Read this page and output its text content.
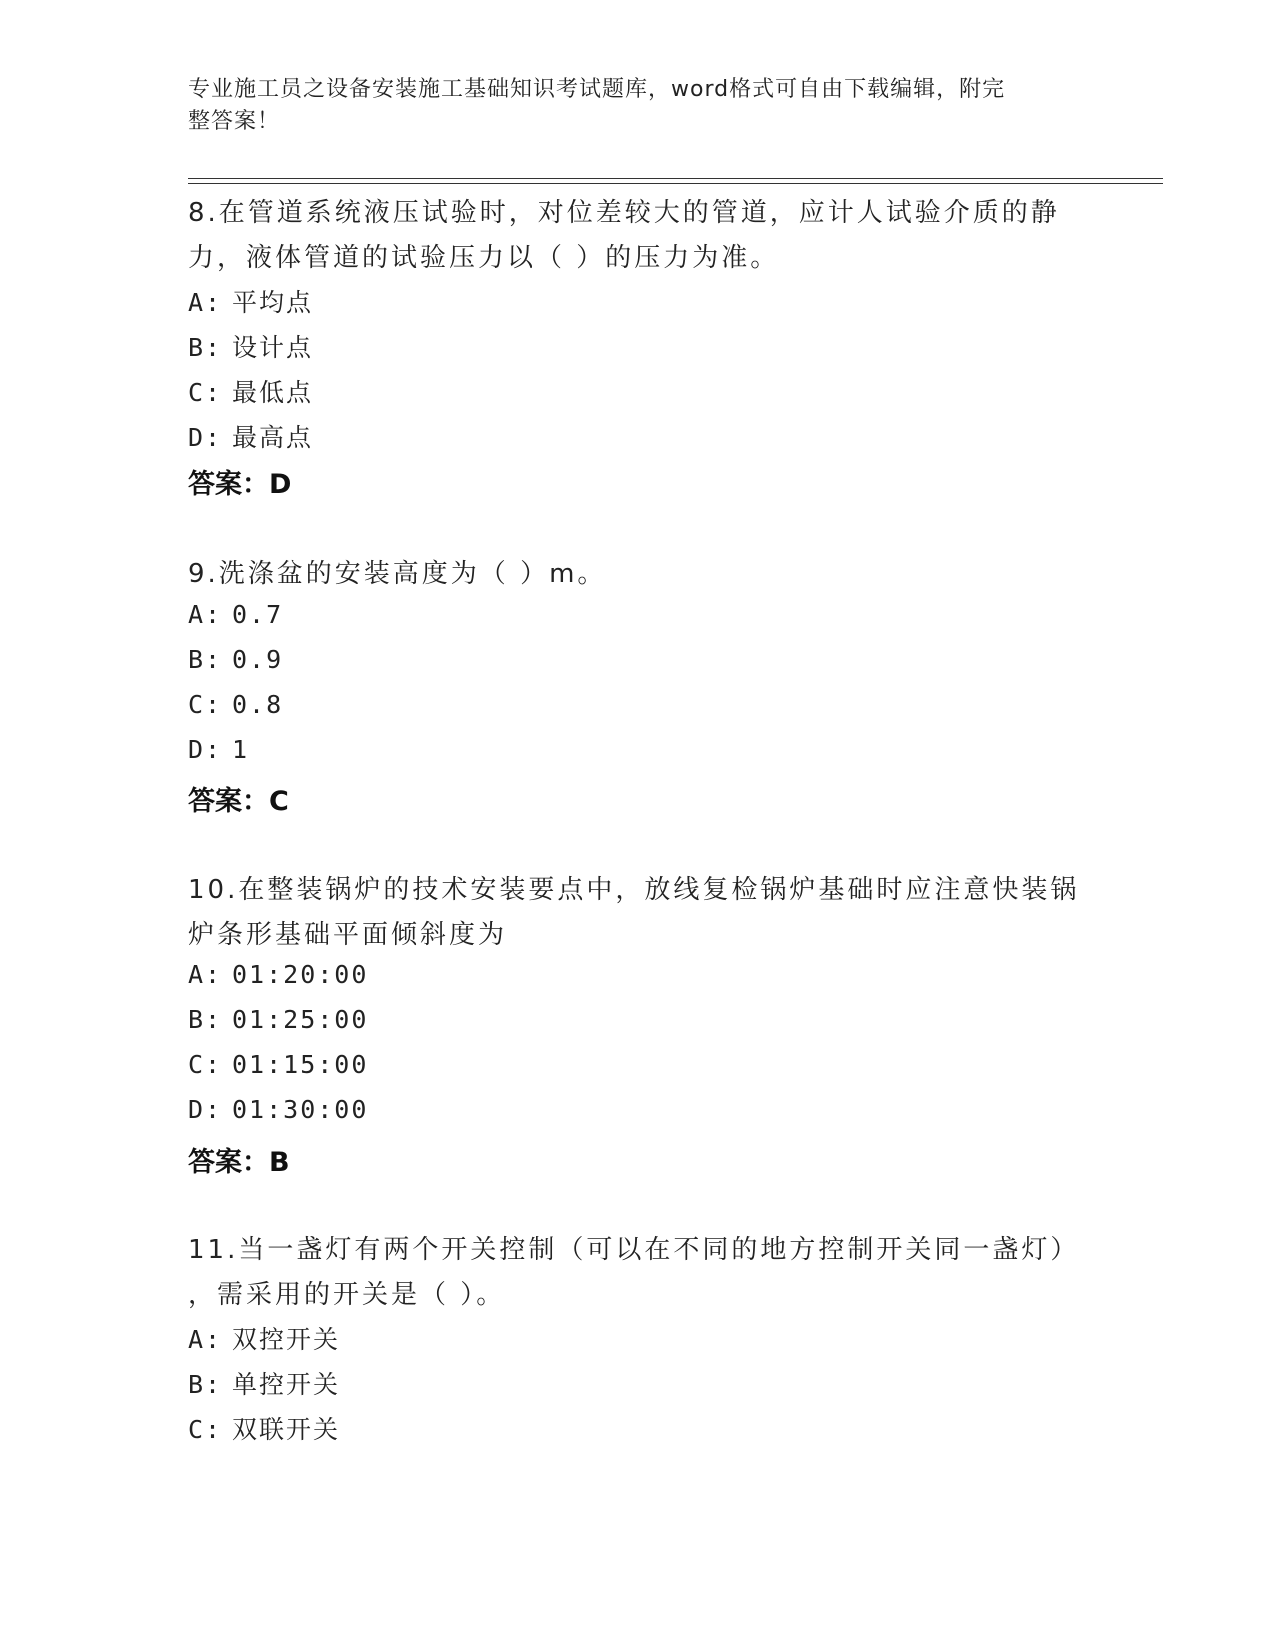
专业施工员之设备安装施工基础知识考试题库，word格式可自由下载编辑，附完
整答案！
8.在管道系统液压试验时，对位差较大的管道，应计人试验介质的静
力，液体管道的试验压力以（ ）的压力为准。
A: 平均点
B: 设计点
C: 最低点
D: 最高点
答案：D
9.洗涤盆的安装高度为（ ）m。
A: 0.7
B: 0.9
C: 0.8
D: 1
答案：C
10.在整装锅炉的技术安装要点中，放线复检锅炉基础时应注意快装锅
炉条形基础平面倾斜度为
A: 01:20:00
B: 01:25:00
C: 01:15:00
D: 01:30:00
答案：B
11.当一盏灯有两个开关控制（可以在不同的地方控制开关同一盏灯）
，需采用的开关是（ ）。
A: 双控开关
B: 单控开关
C: 双联开关
